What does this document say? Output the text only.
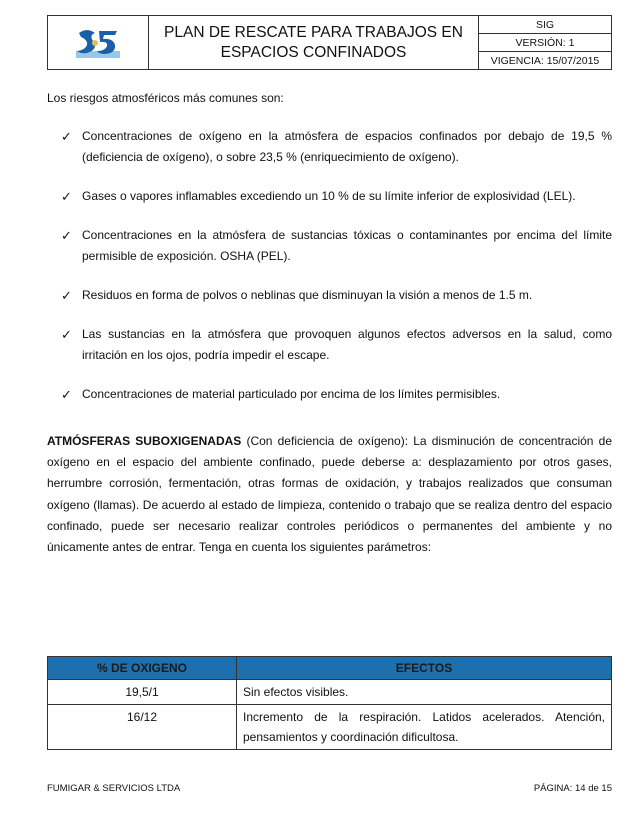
PLAN DE RESCATE PARA TRABAJOS EN ESPACIOS CONFINADOS
SIG
VERSIÓN: 1
VIGENCIA: 15/07/2015

Los riesgos atmosféricos más comunes son:

✓ Concentraciones de oxígeno en la atmósfera de espacios confinados por debajo de 19,5 % (deficiencia de oxígeno), o sobre 23,5 % (enriquecimiento de oxígeno).
✓ Gases o vapores inflamables excediendo un 10 % de su límite inferior de explosividad (LEL).
✓ Concentraciones en la atmósfera de sustancias tóxicas o contaminantes por encima del límite permisible de exposición. OSHA (PEL).
✓ Residuos en forma de polvos o neblinas que disminuyan la visión a menos de 1.5 m.
✓ Las sustancias en la atmósfera que provoquen algunos efectos adversos en la salud, como irritación en los ojos, podría impedir el escape.
✓ Concentraciones de material particulado por encima de los límites permisibles.

ATMÓSFERAS SUBOXIGENADAS (Con deficiencia de oxígeno): La disminución de concentración de oxígeno en el espacio del ambiente confinado, puede deberse a: desplazamiento por otros gases, herrumbre corrosión, fermentación, otras formas de oxidación, y trabajos realizados que consuman oxígeno (llamas). De acuerdo al estado de limpieza, contenido o trabajo que se realiza dentro del espacio confinado, puede ser necesario realizar controles periódicos o permanentes del ambiente y no únicamente antes de entrar. Tenga en cuenta los siguientes parámetros:

% DE OXIGENO	EFECTOS
19,5/1	Sin efectos visibles.
16/12	Incremento de la respiración. Latidos acelerados. Atención, pensamientos y coordinación dificultosa.
FUMIGAR & SERVICIOS LTDA	PÁGINA: 14 de 15
